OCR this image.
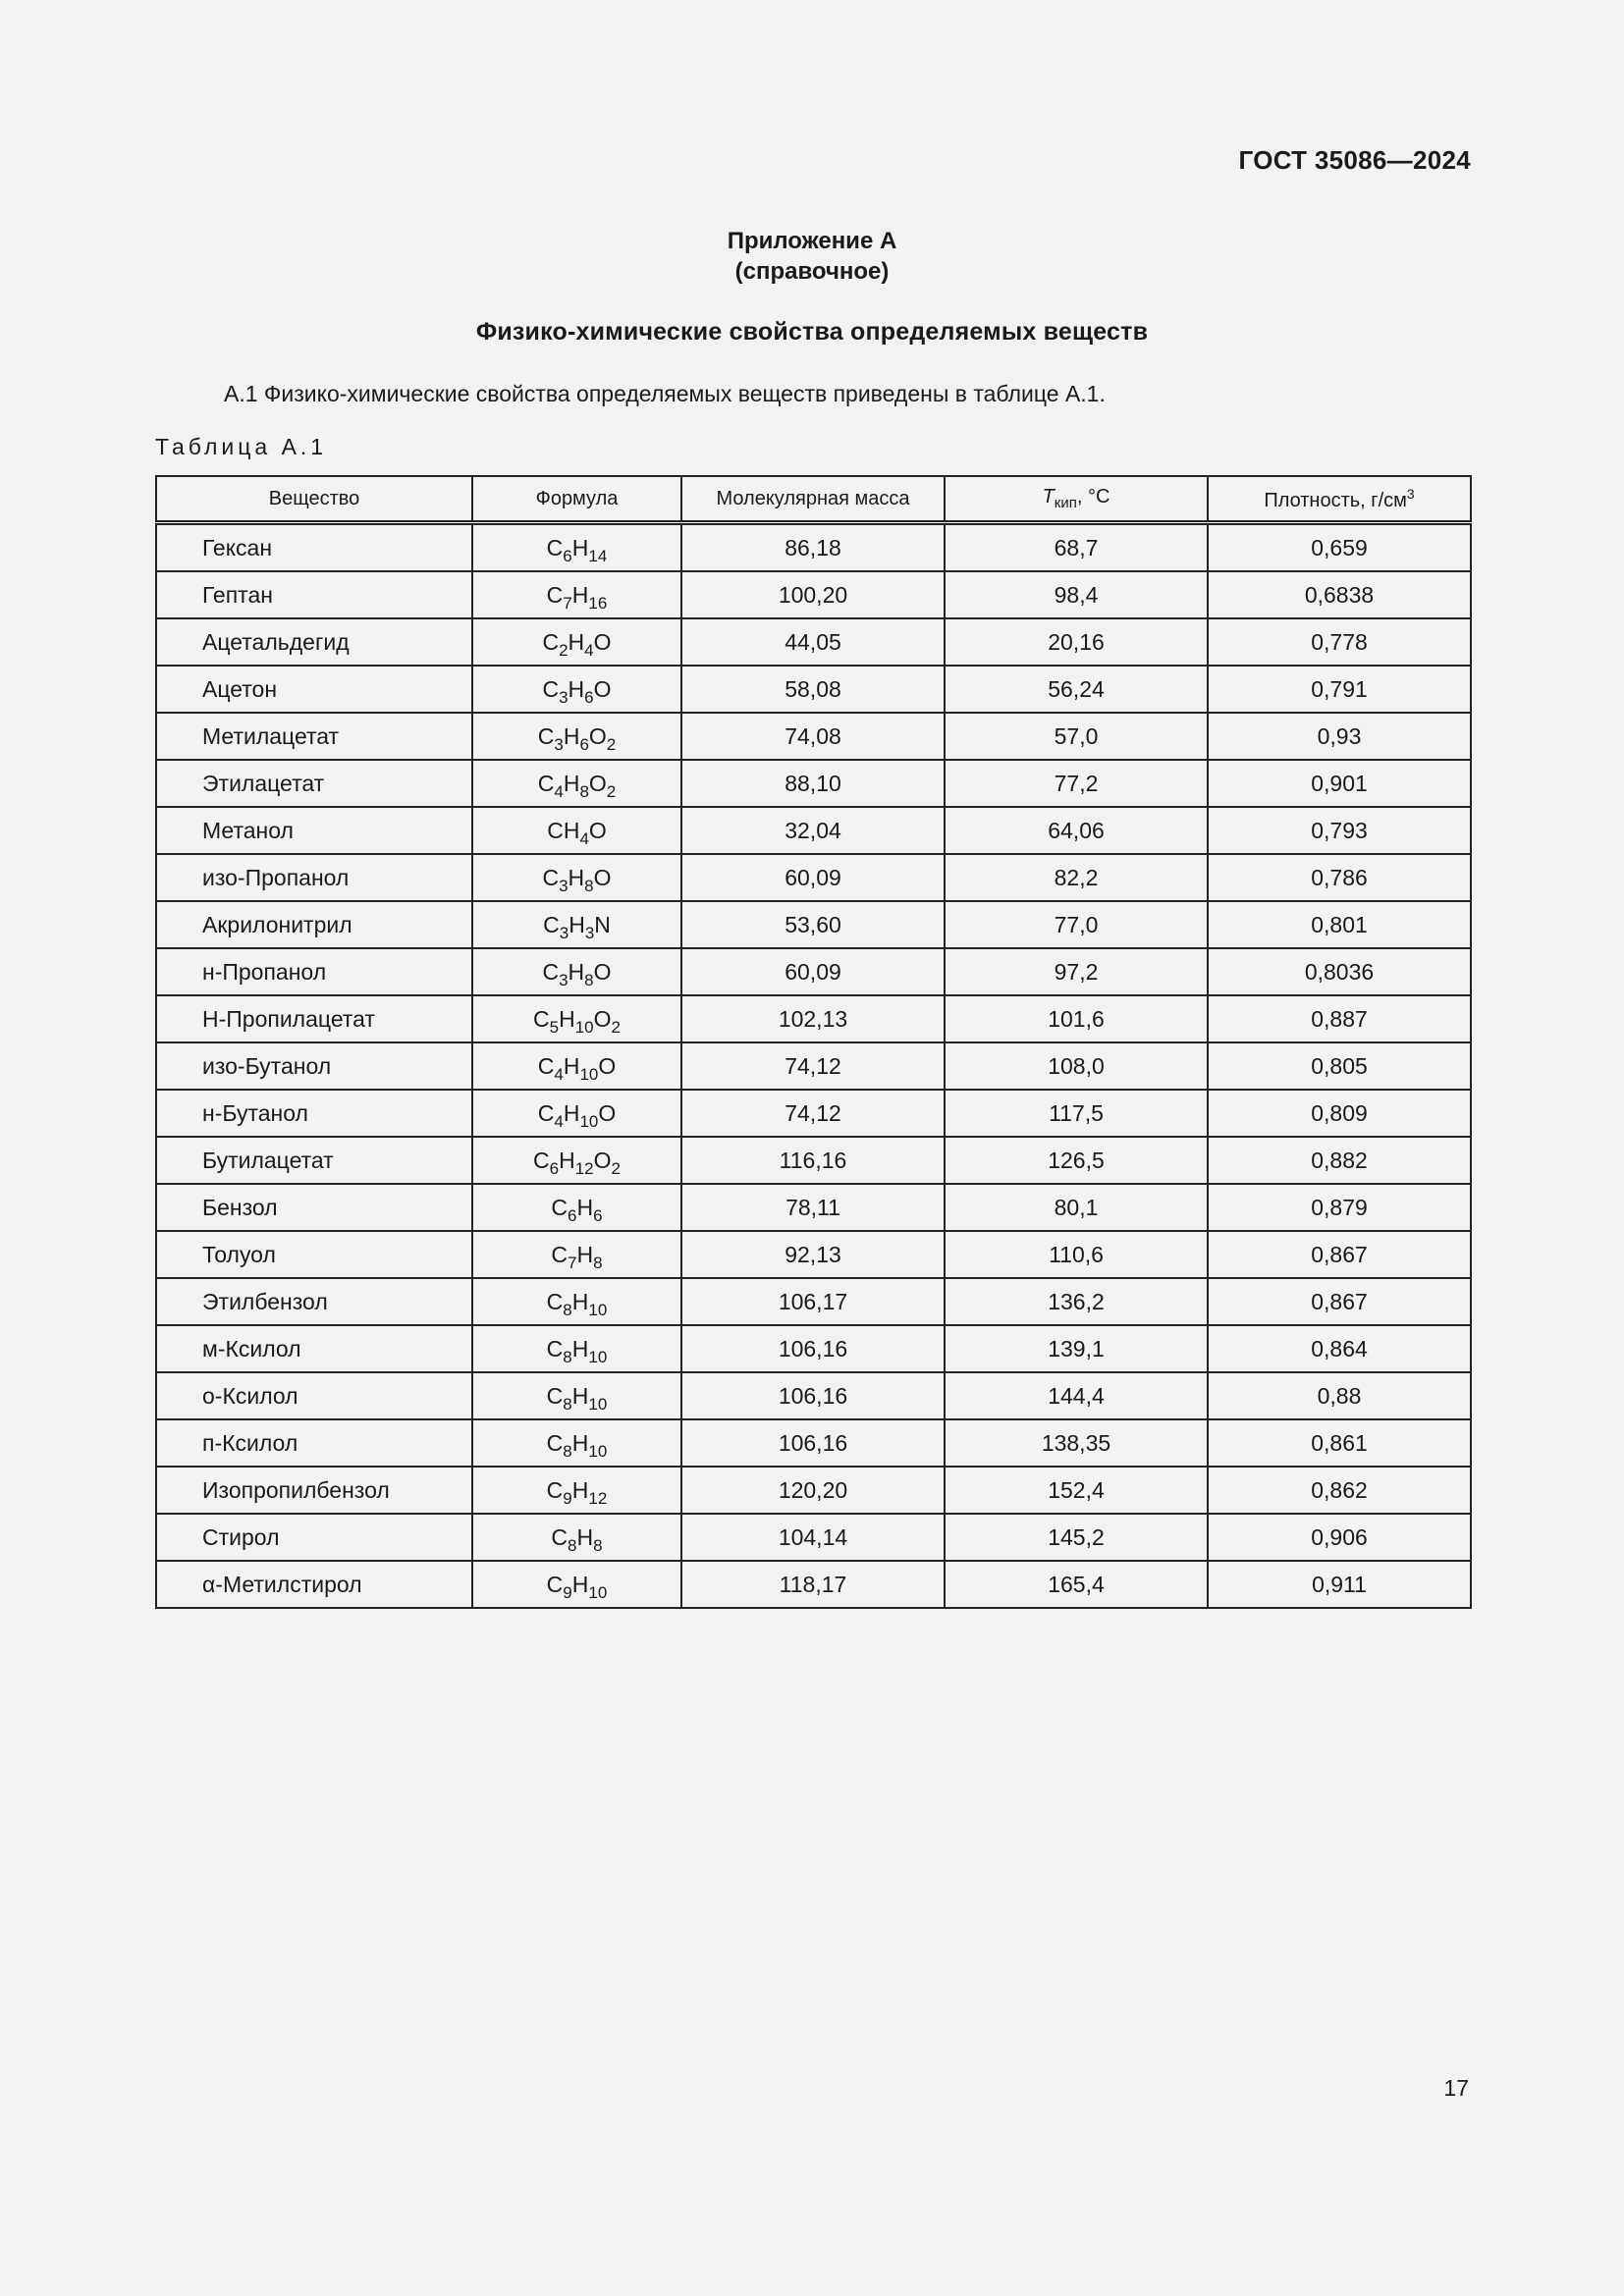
ГОСТ 35086—2024
Приложение А
(справочное)
Физико-химические свойства определяемых веществ
А.1 Физико-химические свойства определяемых веществ приведены в таблице А.1.
Таблица А.1
Вещество	Формула	Молекулярная масса	$T_{кип}$, °С	Плотность, $г/см^3$
Гексан	$C_6H_{14}$	86,18	68,7	0,659
Гептан	$C_7H_{16}$	100,20	98,4	0,6838
Ацетальдегид	$C_2H_4O$	44,05	20,16	0,778
Ацетон	$C_3H_6O$	58,08	56,24	0,791
Метилацетат	$C_3H_6O_2$	74,08	57,0	0,93
Этилацетат	$C_4H_8O_2$	88,10	77,2	0,901
Метанол	$CH_4O$	32,04	64,06	0,793
изо-Пропанол	$C_3H_8O$	60,09	82,2	0,786
Акрилонитрил	$C_3H_3N$	53,60	77,0	0,801
н-Пропанол	$C_3H_8O$	60,09	97,2	0,8036
Н-Пропилацетат	$C_5H_{10}O_2$	102,13	101,6	0,887
изо-Бутанол	$C_4H_{10}O$	74,12	108,0	0,805
н-Бутанол	$C_4H_{10}O$	74,12	117,5	0,809
Бутилацетат	$C_6H_{12}O_2$	116,16	126,5	0,882
Бензол	$C_6H_6$	78,11	80,1	0,879
Толуол	$C_7H_8$	92,13	110,6	0,867
Этилбензол	$C_8H_{10}$	106,17	136,2	0,867
м-Ксилол	$C_8H_{10}$	106,16	139,1	0,864
о-Ксилол	$C_8H_{10}$	106,16	144,4	0,88
п-Ксилол	$C_8H_{10}$	106,16	138,35	0,861
Изопропилбензол	$C_9H_{12}$	120,20	152,4	0,862
Стирол	$C_8H_8$	104,14	145,2	0,906
α-Метилстирол	$C_9H_{10}$	118,17	165,4	0,911
17
